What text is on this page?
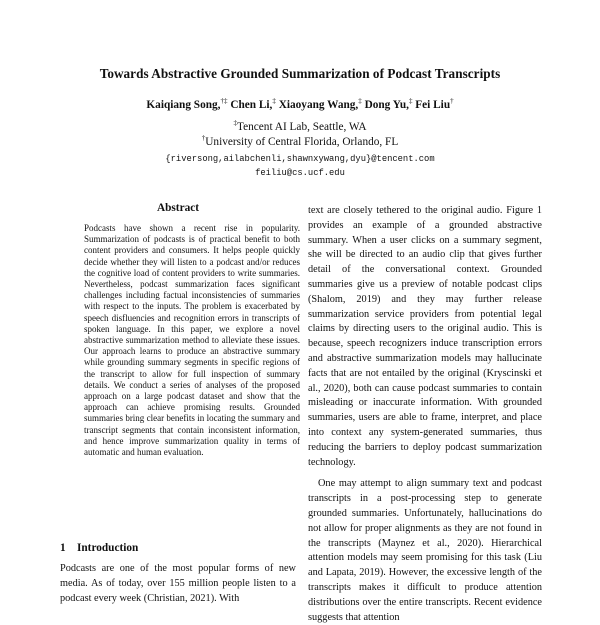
Towards Abstractive Grounded Summarization of Podcast Transcripts
Kaiqiang Song,†‡ Chen Li,‡ Xiaoyang Wang,‡ Dong Yu,‡ Fei Liu†
‡Tencent AI Lab, Seattle, WA
†University of Central Florida, Orlando, FL
{riversong,ailabchenli,shawnxywang,dyu}@tencent.com
feiliu@cs.ucf.edu
Abstract

Podcasts have shown a recent rise in popularity. Summarization of podcasts is of practical benefit to both content providers and consumers. It helps people quickly decide whether they will listen to a podcast and/or reduces the cognitive load of content providers to write summaries. Nevertheless, podcast summarization faces significant challenges including factual inconsistencies of summaries with respect to the inputs. The problem is exacerbated by speech disfluencies and recognition errors in transcripts of spoken language. In this paper, we explore a novel abstractive summarization method to alleviate these issues. Our approach learns to produce an abstractive summary while grounding summary segments in specific regions of the transcript to allow for full inspection of summary details. We conduct a series of analyses of the proposed approach on a large podcast dataset and show that the approach can achieve promising results. Grounded summaries bring clear benefits in locating the summary and transcript segments that contain inconsistent information, and hence improve summarization quality in terms of automatic and human evaluation.

1 Introduction
Podcasts are one of the most popular forms of new media. As of today, over 155 million people listen to a podcast every week (Christian, 2021). With

text are closely tethered to the original audio. Figure 1 provides an example of a grounded abstractive summary. When a user clicks on a summary segment, she will be directed to an audio clip that gives further detail of the conversational context. Grounded summaries give us a preview of notable podcast clips (Shalom, 2019) and they may further release summarization service providers from potential legal claims by directing users to the original audio. This is because, speech recognizers induce transcription errors and abstractive summarization models may hallucinate facts that are not entailed by the original (Kryscinski et al., 2020), both can cause podcast summaries to contain misleading or inaccurate information. With grounded summaries, users are able to frame, interpret, and place into context any system-generated summaries, thus reducing the barriers to deploy podcast summarization technology.

One may attempt to align summary text and podcast transcripts in a post-processing step to generate grounded summaries. Unfortunately, hallucinations do not allow for proper alignments as they are not found in the transcripts (Maynez et al., 2020). Hierarchical attention models may seem promising for this task (Liu and Lapata, 2019). However, the excessive length of the transcripts makes it difficult to produce attention distributions over the entire transcripts. Recent evidence suggests that attention
